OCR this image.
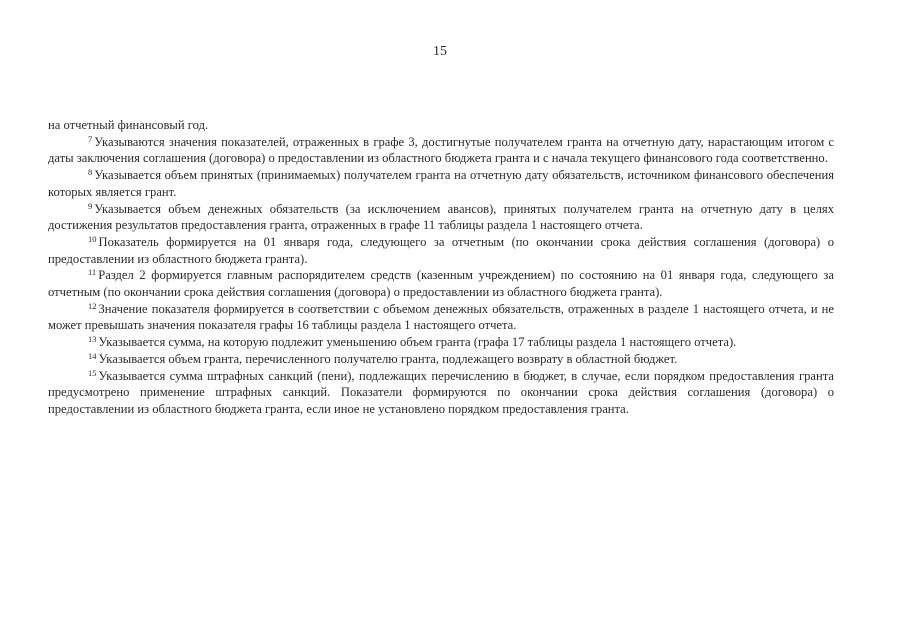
15

на отчетный финансовый год.

$^7$ Указываются значения показателей, отраженных в графе 3, достигнутые получателем гранта на отчетную дату, нарастающим итогом с даты заключения соглашения (договора) о предоставлении из областного бюджета гранта и с начала текущего финансового года соответственно.

$^8$ Указывается объем принятых (принимаемых) получателем гранта на отчетную дату обязательств, источником финансового обеспечения которых является грант.

$^9$ Указывается объем денежных обязательств (за исключением авансов), принятых получателем гранта на отчетную дату в целях достижения результатов предоставления гранта, отраженных в графе 11 таблицы раздела 1 настоящего отчета.

$^{10}$ Показатель формируется на 01 января года, следующего за отчетным (по окончании срока действия соглашения (договора) о предоставлении из областного бюджета гранта).

$^{11}$ Раздел 2 формируется главным распорядителем средств (казенным учреждением) по состоянию на 01 января года, следующего за отчетным (по окончании срока действия соглашения (договора) о предоставлении из областного бюджета гранта).

$^{12}$ Значение показателя формируется в соответствии с объемом денежных обязательств, отраженных в разделе 1 настоящего отчета, и не может превышать значения показателя графы 16 таблицы раздела 1 настоящего отчета.

$^{13}$ Указывается сумма, на которую подлежит уменьшению объем гранта (графа 17 таблицы раздела 1 настоящего отчета).

$^{14}$ Указывается объем гранта, перечисленного получателю гранта, подлежащего возврату в областной бюджет.

$^{15}$ Указывается сумма штрафных санкций (пени), подлежащих перечислению в бюджет, в случае, если порядком предоставления гранта предусмотрено применение штрафных санкций. Показатели формируются по окончании срока действия соглашения (договора) о предоставлении из областного бюджета гранта, если иное не установлено порядком предоставления гранта.
